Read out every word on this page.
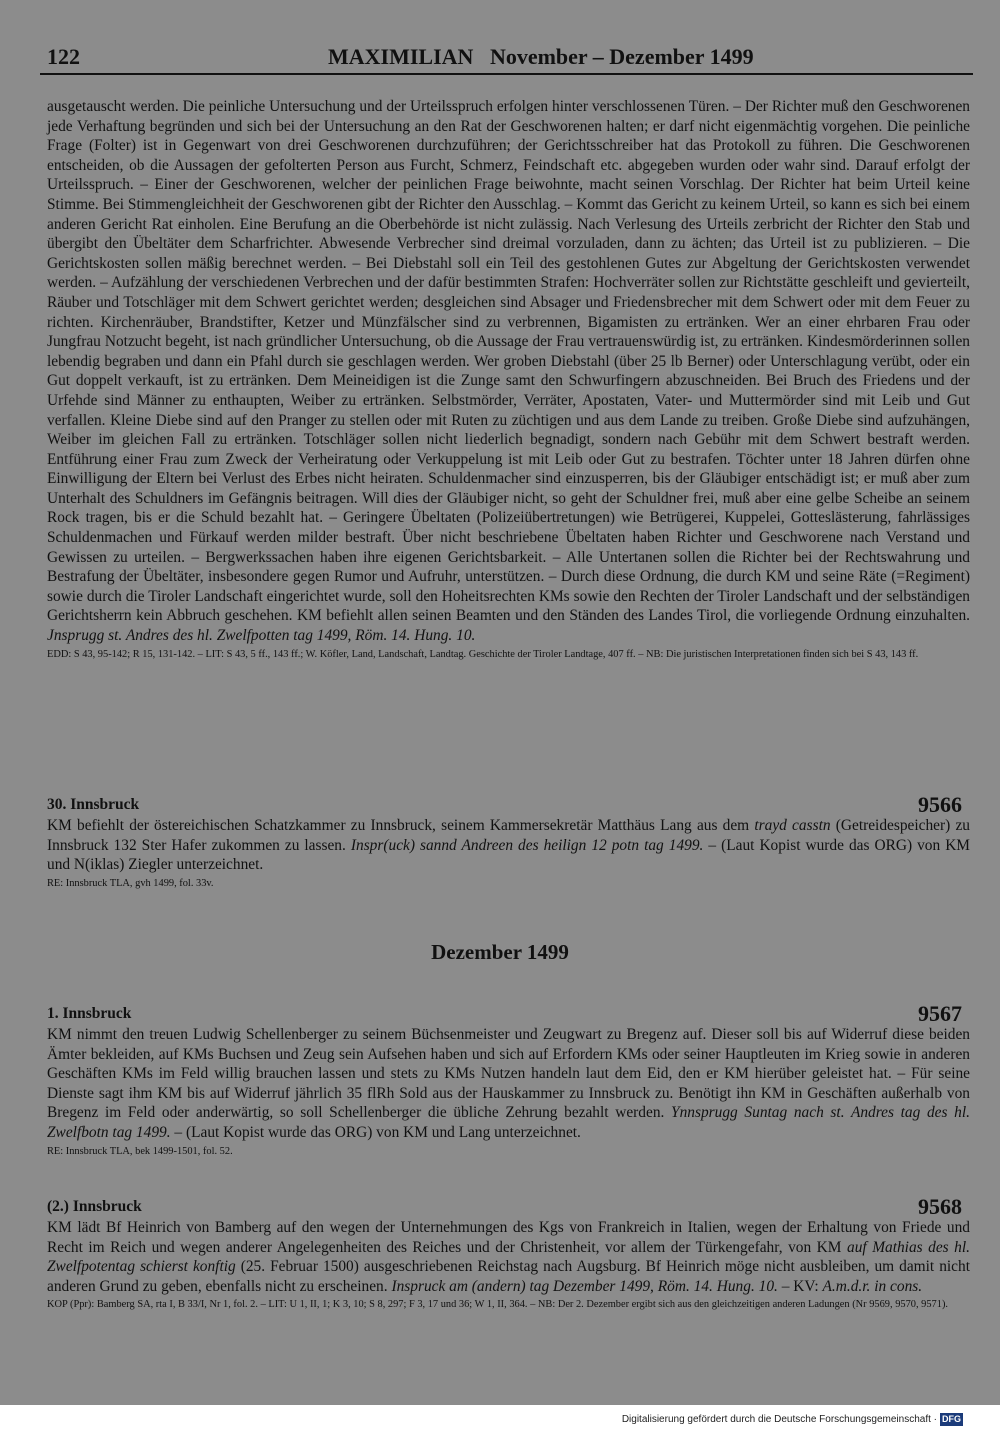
122	MAXIMILIAN   November – Dezember 1499

ausgetauscht werden. Die peinliche Untersuchung und der Urteilsspruch erfolgen hinter verschlossenen Türen. – Der Richter muß den Geschworenen jede Verhaftung begründen und sich bei der Untersuchung an den Rat der Geschworenen halten; er darf nicht eigenmächtig vorgehen. Die peinliche Frage (Folter) ist in Gegenwart von drei Geschworenen durchzuführen; der Gerichtsschreiber hat das Protokoll zu führen. Die Geschworenen entscheiden, ob die Aussagen der gefolterten Person aus Furcht, Schmerz, Feindschaft etc. abgegeben wurden oder wahr sind. Darauf erfolgt der Urteilsspruch. – Einer der Geschworenen, welcher der peinlichen Frage beiwohnte, macht seinen Vorschlag. Der Richter hat beim Urteil keine Stimme. Bei Stimmengleichheit der Geschworenen gibt der Richter den Ausschlag. – Kommt das Gericht zu keinem Urteil, so kann es sich bei einem anderen Gericht Rat einholen. Eine Berufung an die Oberbehörde ist nicht zulässig. Nach Verlesung des Urteils zerbricht der Richter den Stab und übergibt den Übeltäter dem Scharfrichter. Abwesende Verbrecher sind dreimal vorzuladen, dann zu ächten; das Urteil ist zu publizieren. – Die Gerichtskosten sollen mäßig berechnet werden. – Bei Diebstahl soll ein Teil des gestohlenen Gutes zur Abgeltung der Gerichtskosten verwendet werden. – Aufzählung der verschiedenen Verbrechen und der dafür bestimmten Strafen: Hochverräter sollen zur Richtstätte geschleift und gevierteilt, Räuber und Totschläger mit dem Schwert gerichtet werden; desgleichen sind Absager und Friedensbrecher mit dem Schwert oder mit dem Feuer zu richten. Kirchenräuber, Brandstifter, Ketzer und Münzfälscher sind zu verbrennen, Bigamisten zu ertränken. Wer an einer ehrbaren Frau oder Jungfrau Notzucht begeht, ist nach gründlicher Untersuchung, ob die Aussage der Frau vertrauenswürdig ist, zu ertränken. Kindesmörderinnen sollen lebendig begraben und dann ein Pfahl durch sie geschlagen werden. Wer groben Diebstahl (über 25 lb Berner) oder Unterschlagung verübt, oder ein Gut doppelt verkauft, ist zu ertränken. Dem Meineidigen ist die Zunge samt den Schwurfingern abzuschneiden. Bei Bruch des Friedens und der Urfehde sind Männer zu enthaupten, Weiber zu ertränken. Selbstmörder, Verräter, Apostaten, Vater- und Muttermörder sind mit Leib und Gut verfallen. Kleine Diebe sind auf den Pranger zu stellen oder mit Ruten zu züchtigen und aus dem Lande zu treiben. Große Diebe sind aufzuhängen, Weiber im gleichen Fall zu ertränken. Totschläger sollen nicht liederlich begnadigt, sondern nach Gebühr mit dem Schwert bestraft werden. Entführung einer Frau zum Zweck der Verheiratung oder Verkuppelung ist mit Leib oder Gut zu bestrafen. Töchter unter 18 Jahren dürfen ohne Einwilligung der Eltern bei Verlust des Erbes nicht heiraten. Schuldenmacher sind einzusperren, bis der Gläubiger entschädigt ist; er muß aber zum Unterhalt des Schuldners im Gefängnis beitragen. Will dies der Gläubiger nicht, so geht der Schuldner frei, muß aber eine gelbe Scheibe an seinem Rock tragen, bis er die Schuld bezahlt hat. – Geringere Übeltaten (Polizeiübertretungen) wie Betrügerei, Kuppelei, Gotteslästerung, fahrlässiges Schuldenmachen und Fürkauf werden milder bestraft. Über nicht beschriebene Übeltaten haben Richter und Geschworene nach Verstand und Gewissen zu urteilen. – Bergwerkssachen haben ihre eigenen Gerichtsbarkeit. – Alle Untertanen sollen die Richter bei der Rechtswahrung und Bestrafung der Übeltäter, insbesondere gegen Rumor und Aufruhr, unterstützen. – Durch diese Ordnung, die durch KM und seine Räte (=Regiment) sowie durch die Tiroler Landschaft eingerichtet wurde, soll den Hoheitsrechten KMs sowie den Rechten der Tiroler Landschaft und der selbständigen Gerichtsherrn kein Abbruch geschehen. KM befiehlt allen seinen Beamten und den Ständen des Landes Tirol, die vorliegende Ordnung einzuhalten. Jnsprugg st. Andres des hl. Zwelfpotten tag 1499, Röm. 14. Hung. 10.

EDD: S 43, 95-142; R 15, 131-142. – LIT: S 43, 5 ff., 143 ff.; W. Köfler, Land, Landschaft, Landtag. Geschichte der Tiroler Landtage, 407 ff. – NB: Die juristischen Interpretationen finden sich bei S 43, 143 ff.

30. Innsbruck	9566

KM befiehlt der östereichischen Schatzkammer zu Innsbruck, seinem Kammersekretär Matthäus Lang aus dem trayd casstn (Getreidespeicher) zu Innsbruck 132 Ster Hafer zukommen zu lassen. Inspr(uck) sannd Andreen des heilign 12 potn tag 1499. – (Laut Kopist wurde das ORG) von KM und N(iklas) Ziegler unterzeichnet.

RE: Innsbruck TLA, gvh 1499, fol. 33v.

Dezember 1499
1. Innsbruck	9567

KM nimmt den treuen Ludwig Schellenberger zu seinem Büchsenmeister und Zeugwart zu Bregenz auf. Dieser soll bis auf Widerruf diese beiden Ämter bekleiden, auf KMs Buchsen und Zeug sein Aufsehen haben und sich auf Erfordern KMs oder seiner Hauptleuten im Krieg sowie in anderen Geschäften KMs im Feld willig brauchen lassen und stets zu KMs Nutzen handeln laut dem Eid, den er KM hierüber geleistet hat. – Für seine Dienste sagt ihm KM bis auf Widerruf jährlich 35 flRh Sold aus der Hauskammer zu Innsbruck zu. Benötigt ihn KM in Geschäften außerhalb von Bregenz im Feld oder anderwärtig, so soll Schellenberger die übliche Zehrung bezahlt werden. Ynnsprugg Suntag nach st. Andres tag des hl. Zwelfbotn tag 1499. – (Laut Kopist wurde das ORG) von KM und Lang unterzeichnet.

RE: Innsbruck TLA, bek 1499-1501, fol. 52.

(2.) Innsbruck	9568

KM lädt Bf Heinrich von Bamberg auf den wegen der Unternehmungen des Kgs von Frankreich in Italien, wegen der Erhaltung von Friede und Recht im Reich und wegen anderer Angelegenheiten des Reiches und der Christenheit, vor allem der Türkengefahr, von KM auf Mathias des hl. Zwelfpotentag schierst konftig (25. Februar 1500) ausgeschriebenen Reichstag nach Augsburg. Bf Heinrich möge nicht ausbleiben, um damit nicht anderen Grund zu geben, ebenfalls nicht zu erscheinen. Inspruck am (andern) tag Dezember 1499, Röm. 14. Hung. 10. – KV: A.m.d.r. in cons.

KOP (Ppr): Bamberg SA, rta I, B 33/I, Nr 1, fol. 2. – LIT: U 1, II, 1; K 3, 10; S 8, 297; F 3, 17 und 36; W 1, II, 364. – NB: Der 2. Dezember ergibt sich aus den gleichzeitigen anderen Ladungen (Nr 9569, 9570, 9571).

Digitalisierung gefördert durch die Deutsche Forschungsgemeinschaft · DFG
